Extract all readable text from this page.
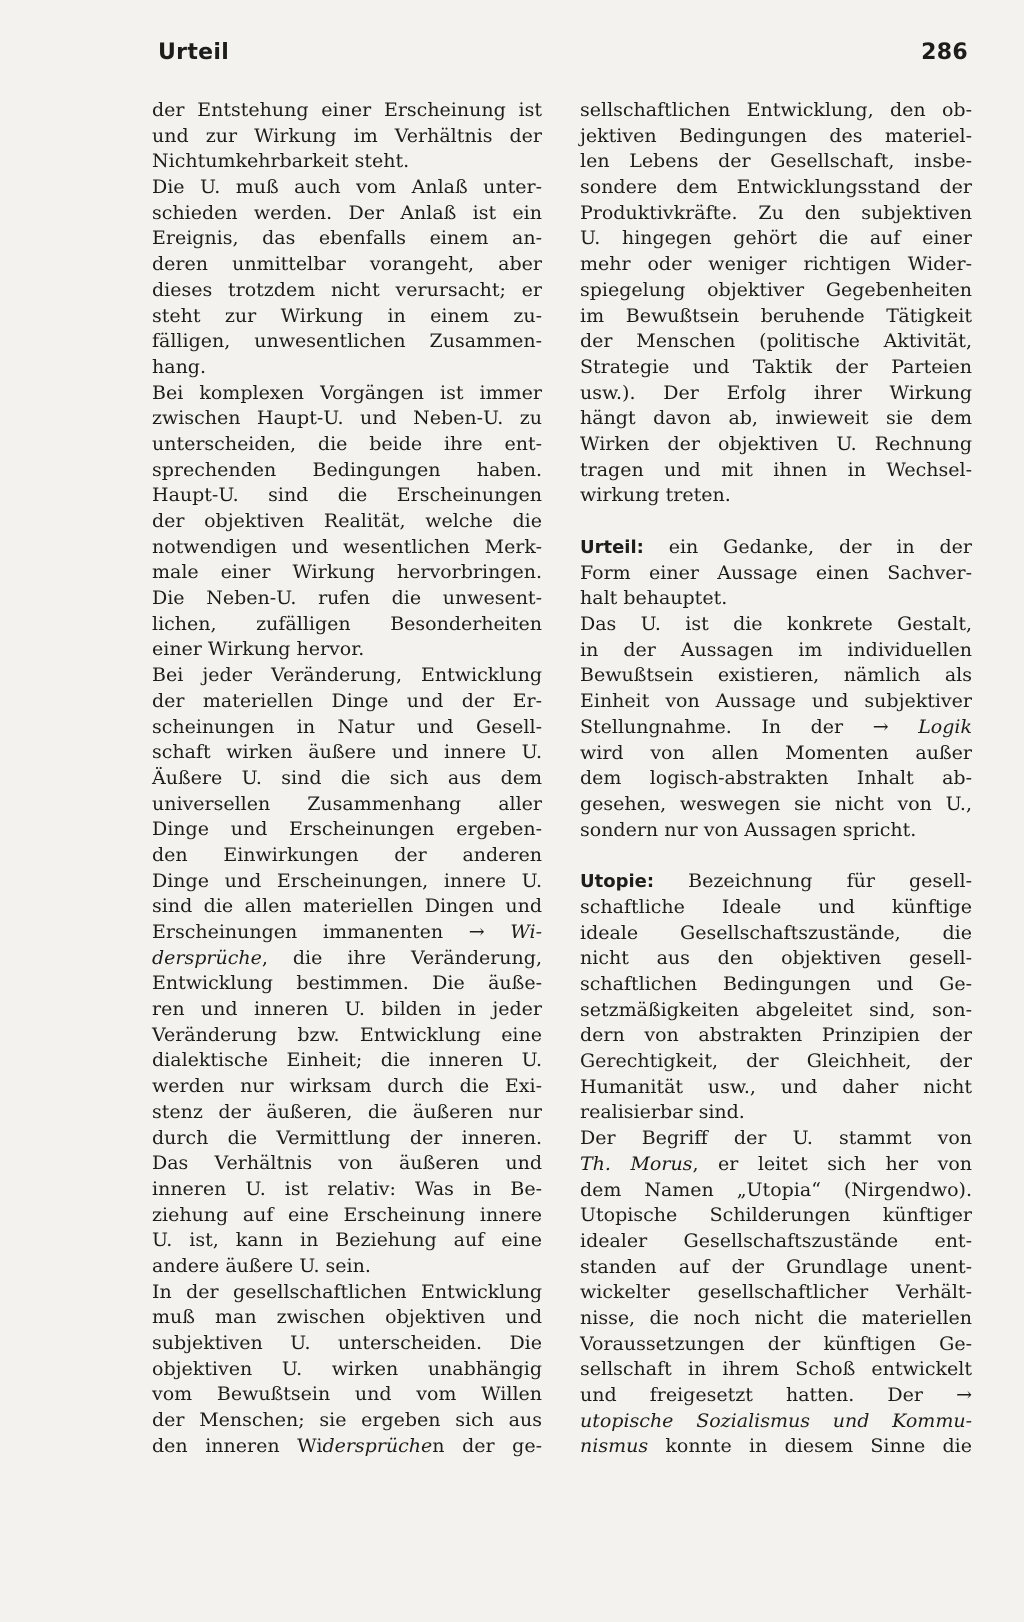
Urteil	286
der Entstehung einer Erscheinung ist
und zur Wirkung im Verhältnis der
Nichtumkehrbarkeit steht.
Die U. muß auch vom Anlaß unter-
schieden werden. Der Anlaß ist ein
Ereignis, das ebenfalls einem an-
deren unmittelbar vorangeht, aber
dieses trotzdem nicht verursacht; er
steht zur Wirkung in einem zu-
fälligen, unwesentlichen Zusammen-
hang.
Bei komplexen Vorgängen ist immer
zwischen Haupt-U. und Neben-U. zu
unterscheiden, die beide ihre ent-
sprechenden Bedingungen haben.
Haupt-U. sind die Erscheinungen
der objektiven Realität, welche die
notwendigen und wesentlichen Merk-
male einer Wirkung hervorbringen.
Die Neben-U. rufen die unwesent-
lichen, zufälligen Besonderheiten
einer Wirkung hervor.
Bei jeder Veränderung, Entwicklung
der materiellen Dinge und der Er-
scheinungen in Natur und Gesell-
schaft wirken äußere und innere U.
Äußere U. sind die sich aus dem
universellen Zusammenhang aller
Dinge und Erscheinungen ergeben-
den Einwirkungen der anderen
Dinge und Erscheinungen, innere U.
sind die allen materiellen Dingen und
Erscheinungen immanenten → Wi-
dersprüche, die ihre Veränderung,
Entwicklung bestimmen. Die äuße-
ren und inneren U. bilden in jeder
Veränderung bzw. Entwicklung eine
dialektische Einheit; die inneren U.
werden nur wirksam durch die Exi-
stenz der äußeren, die äußeren nur
durch die Vermittlung der inneren.
Das Verhältnis von äußeren und
inneren U. ist relativ: Was in Be-
ziehung auf eine Erscheinung innere
U. ist, kann in Beziehung auf eine
andere äußere U. sein.
In der gesellschaftlichen Entwicklung
muß man zwischen objektiven und
subjektiven U. unterscheiden. Die
objektiven U. wirken unabhängig
vom Bewußtsein und vom Willen
der Menschen; sie ergeben sich aus
den inneren Widersprüchen der ge-
sellschaftlichen Entwicklung, den ob-
jektiven Bedingungen des materiel-
len Lebens der Gesellschaft, insbe-
sondere dem Entwicklungsstand der
Produktivkräfte. Zu den subjektiven
U. hingegen gehört die auf einer
mehr oder weniger richtigen Wider-
spiegelung objektiver Gegebenheiten
im Bewußtsein beruhende Tätigkeit
der Menschen (politische Aktivität,
Strategie und Taktik der Parteien
usw.). Der Erfolg ihrer Wirkung
hängt davon ab, inwieweit sie dem
Wirken der objektiven U. Rechnung
tragen und mit ihnen in Wechsel-
wirkung treten.
Urteil: ein Gedanke, der in der
Form einer Aussage einen Sachver-
halt behauptet.
Das U. ist die konkrete Gestalt,
in der Aussagen im individuellen
Bewußtsein existieren, nämlich als
Einheit von Aussage und subjektiver
Stellungnahme. In der → Logik
wird von allen Momenten außer
dem logisch-abstrakten Inhalt ab-
gesehen, weswegen sie nicht von U.,
sondern nur von Aussagen spricht.
Utopie: Bezeichnung für gesell-
schaftliche Ideale und künftige
ideale Gesellschaftszustände, die
nicht aus den objektiven gesell-
schaftlichen Bedingungen und Ge-
setzmäßigkeiten abgeleitet sind, son-
dern von abstrakten Prinzipien der
Gerechtigkeit, der Gleichheit, der
Humanität usw., und daher nicht
realisierbar sind.
Der Begriff der U. stammt von
Th. Morus, er leitet sich her von
dem Namen „Utopia“ (Nirgendwo).
Utopische Schilderungen künftiger
idealer Gesellschaftszustände ent-
standen auf der Grundlage unent-
wickelter gesellschaftlicher Verhält-
nisse, die noch nicht die materiellen
Voraussetzungen der künftigen Ge-
sellschaft in ihrem Schoß entwickelt
und freigesetzt hatten. Der →
utopische Sozialismus und Kommu-
nismus konnte in diesem Sinne die
